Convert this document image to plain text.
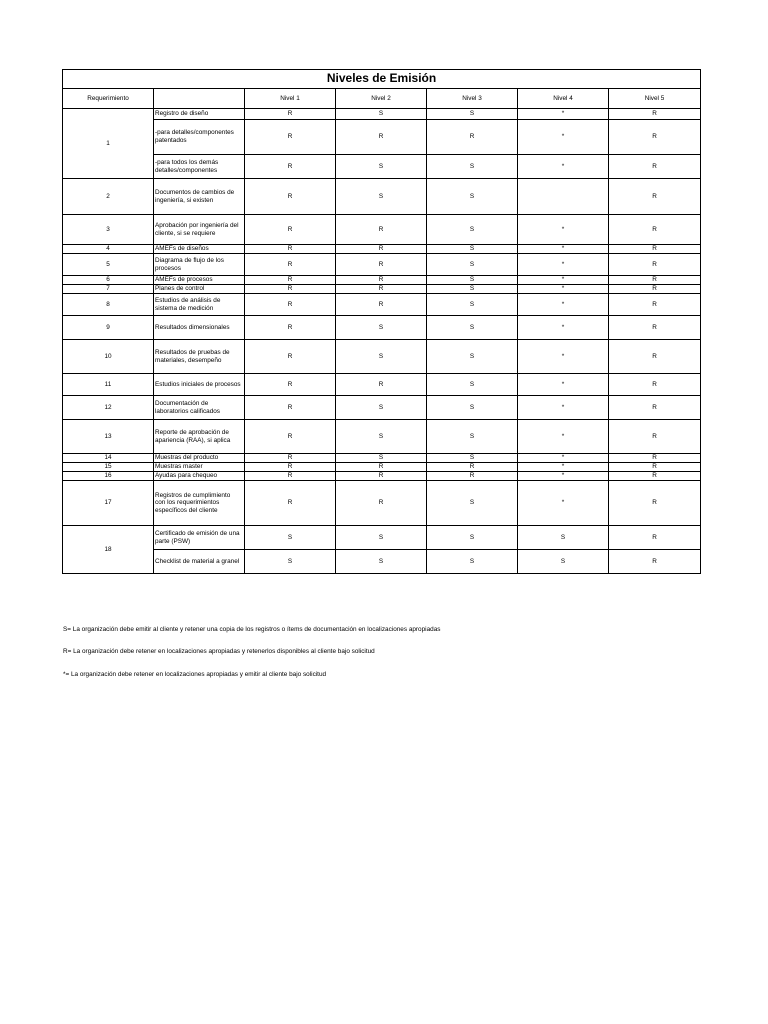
Niveles de Emisión						
Requerimiento		Nivel 1	Nivel 2	Nivel 3	Nivel 4	Nivel 5
1	Registro de diseño	R	S	S	*	R
	-para detalles/componentes patentados	R	R	R	*	R
	-para todos los demás detalles/componentes	R	S	S	*	R
2	Documentos de cambios de ingeniería, si existen	R	S	S		R
3	Aprobación por ingeniería del cliente, si se requiere	R	R	S	*	R
4	AMEFs de diseños	R	R	S	*	R
5	Diagrama de flujo de los procesos	R	R	S	*	R
6	AMEFs de procesos	R	R	S	*	R
7	Planes de control	R	R	S	*	R
8	Estudios de análisis de sistema de medición	R	R	S	*	R
9	Resultados dimensionales	R	S	S	*	R
10	Resultados de pruebas de materiales, desempeño	R	S	S	*	R
11	Estudios iniciales de procesos	R	R	S	*	R
12	Documentación de laboratorios calificados	R	S	S	*	R
13	Reporte de aprobación de apariencia (RAA), si aplica	R	S	S	*	R
14	Muestras del producto	R	S	S	*	R
15	Muestras master	R	R	R	*	R
16	Ayudas para chequeo	R	R	R	*	R
17	Registros de cumplimiento con los requerimientos específicos del cliente	R	R	S	*	R
18	Certificado de emisión de una parte (PSW)	S	S	S	S	R
	Checklist de material a granel	S	S	S	S	R
S= La organización debe emitir al cliente y retener una copia de los registros o ítems de documentación en localizaciones apropiadas
R= La organización debe retener en localizaciones apropiadas y retenerlos disponibles al cliente bajo solicitud
*= La organización debe retener en localizaciones apropiadas y emitir al cliente bajo solicitud
